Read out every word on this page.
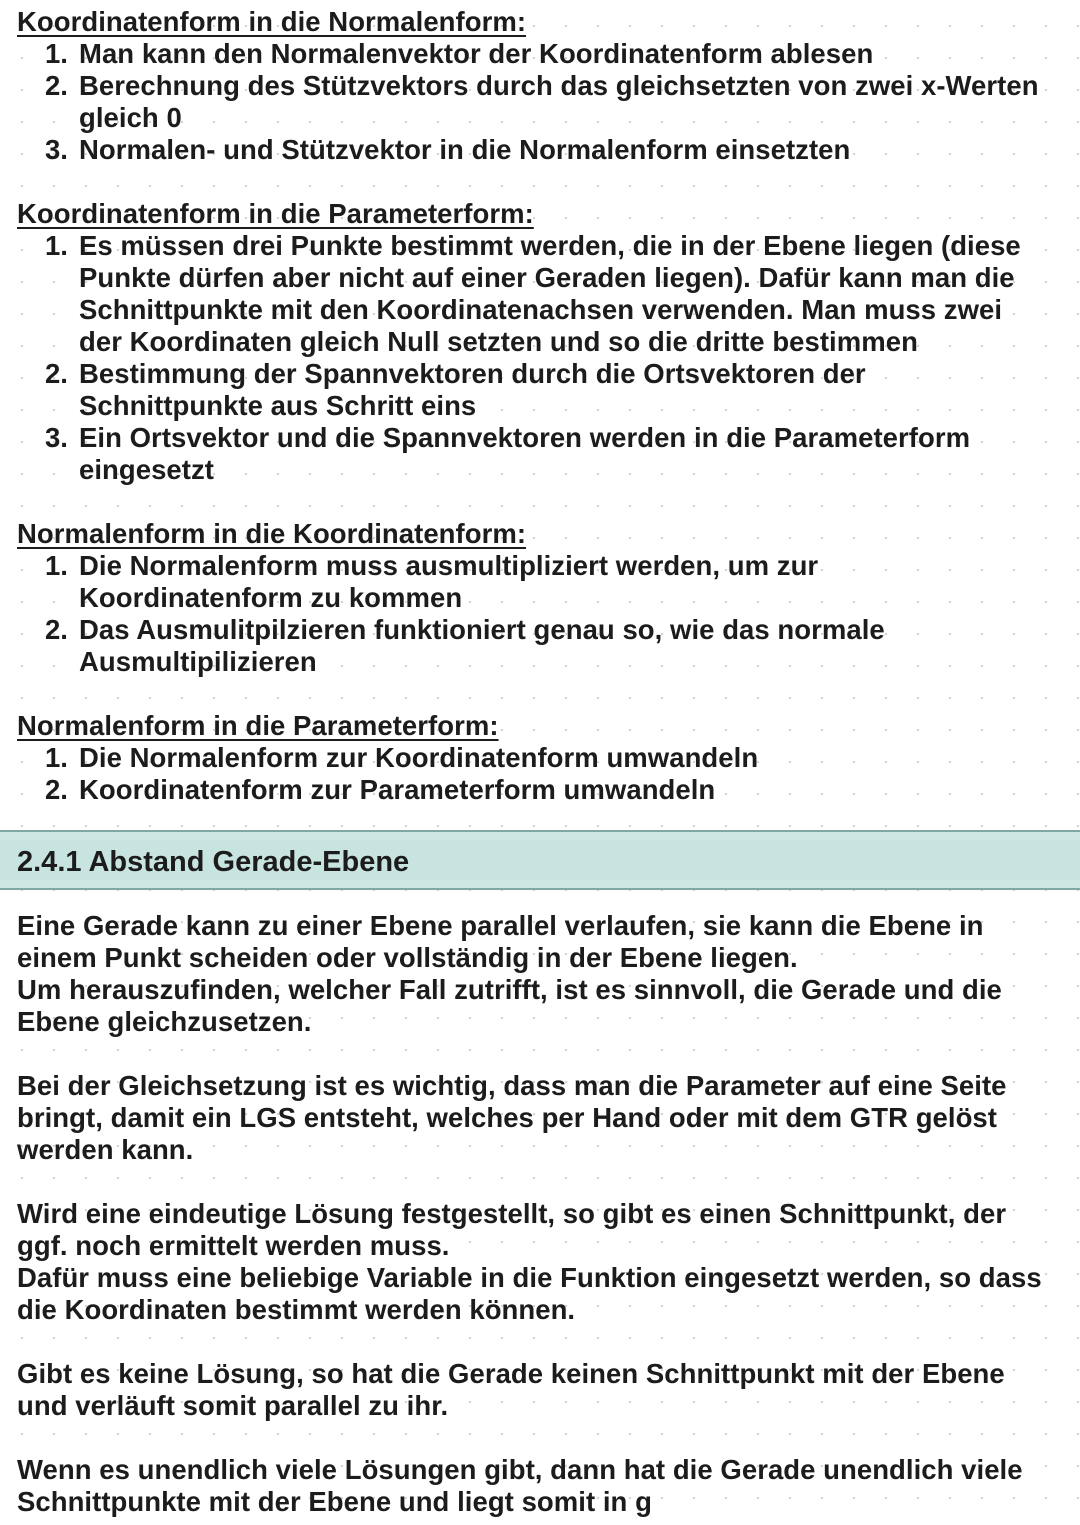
Koordinatenform in die Normalenform:
1. Man kann den Normalenvektor der Koordinatenform ablesen
2. Berechnung des Stützvektors durch das gleichsetzten von zwei x-Werten
gleich 0
3. Normalen- und Stützvektor in die Normalenform einsetzten
Koordinatenform in die Parameterform:
1. Es müssen drei Punkte bestimmt werden, die in der Ebene liegen (diese
Punkte dürfen aber nicht auf einer Geraden liegen). Dafür kann man die
Schnittpunkte mit den Koordinatenachsen verwenden. Man muss zwei
der Koordinaten gleich Null setzten und so die dritte bestimmen
2. Bestimmung der Spannvektoren durch die Ortsvektoren der
Schnittpunkte aus Schritt eins
3. Ein Ortsvektor und die Spannvektoren werden in die Parameterform
eingesetzt
Normalenform in die Koordinatenform:
1. Die Normalenform muss ausmultipliziert werden, um zur
Koordinatenform zu kommen
2. Das Ausmulitpilzieren funktioniert genau so, wie das normale
Ausmultipilizieren
Normalenform in die Parameterform:
1. Die Normalenform zur Koordinatenform umwandeln
2. Koordinatenform zur Parameterform umwandeln
2.4.1 Abstand Gerade-Ebene
Eine Gerade kann zu einer Ebene parallel verlaufen, sie kann die Ebene in
einem Punkt scheiden oder vollständig in der Ebene liegen.
Um herauszufinden, welcher Fall zutrifft, ist es sinnvoll, die Gerade und die
Ebene gleichzusetzen.
Bei der Gleichsetzung ist es wichtig, dass man die Parameter auf eine Seite
bringt, damit ein LGS entsteht, welches per Hand oder mit dem GTR gelöst
werden kann.
Wird eine eindeutige Lösung festgestellt, so gibt es einen Schnittpunkt, der
ggf. noch ermittelt werden muss.
Dafür muss eine beliebige Variable in die Funktion eingesetzt werden, so dass
die Koordinaten bestimmt werden können.
Gibt es keine Lösung, so hat die Gerade keinen Schnittpunkt mit der Ebene
und verläuft somit parallel zu ihr.
Wenn es unendlich viele Lösungen gibt, dann hat die Gerade unendlich viele
Schnittpunkte mit der Ebene und liegt somit in g
